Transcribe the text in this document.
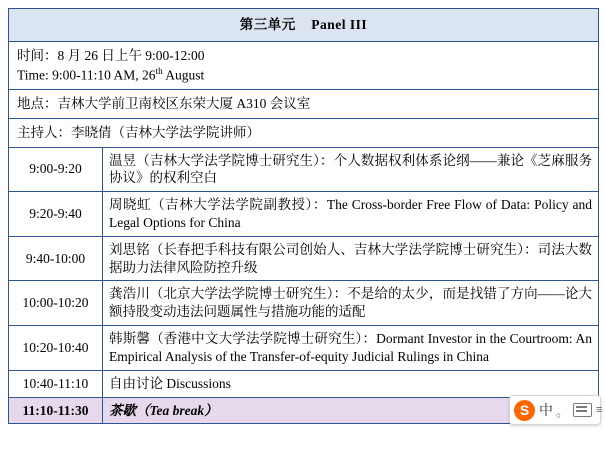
第三单元 Panel III	

时间：8 月 26 日上午 9:00-12:00
Time: 9:00-11:10 AM, 26th August	

地点：吉林大学前卫南校区东荣大厦 A310 会议室	

主持人：李晓倩（吉林大学法学院讲师）	

9:00-9:20	温昱（吉林大学法学院博士研究生）：个人数据权利体系论纲——兼论《芝麻服务协议》的权利空白
9:20-9:40	周晓虹（吉林大学法学院副教授）：The Cross-border Free Flow of Data: Policy and Legal Options for China
9:40-10:00	刘思铭（长春把手科技有限公司创始人、吉林大学法学院博士研究生）：司法大数据助力法律风险防控升级
10:00-10:20	龚浩川（北京大学法学院博士研究生）：不是给的太少，而是找错了方向——论大额持股变动违法问题属性与措施功能的适配
10:20-10:40	韩斯馨（香港中文大学法学院博士研究生）：Dormant Investor in the Courtroom: An Empirical Analysis of the Transfer-of-equity Judicial Rulings in China
10:40-11:10	自由讨论 Discussions
11:10-11:30	茶歇（Tea break）	S 中 。 ≡
